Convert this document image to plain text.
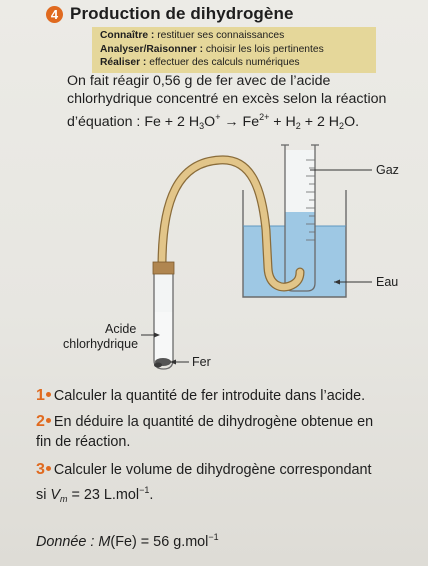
4 Production de dihydrogène
Connaître : restituer ses connaissances
Analyser/Raisonner : choisir les lois pertinentes
Réaliser : effectuer des calculs numériques
On fait réagir 0,56 g de fer avec de l’acide
chlorhydrique concentré en excès selon la réaction
d’équation : Fe + 2 $H_3O^+ \to Fe^{2+} + H_2 + 2$ $H_2O$.
Gaz
Eau
Acide
chlorhydrique
Fer
1 Calculer la quantité de fer introduite dans l’acide.
2 En déduire la quantité de dihydrogène obtenue en
fin de réaction.
3 Calculer le volume de dihydrogène correspondant
si $V_m = 23$ L.mol$^{-1}$.
Donnée : M(Fe) = 56 g.mol$^{-1}$
